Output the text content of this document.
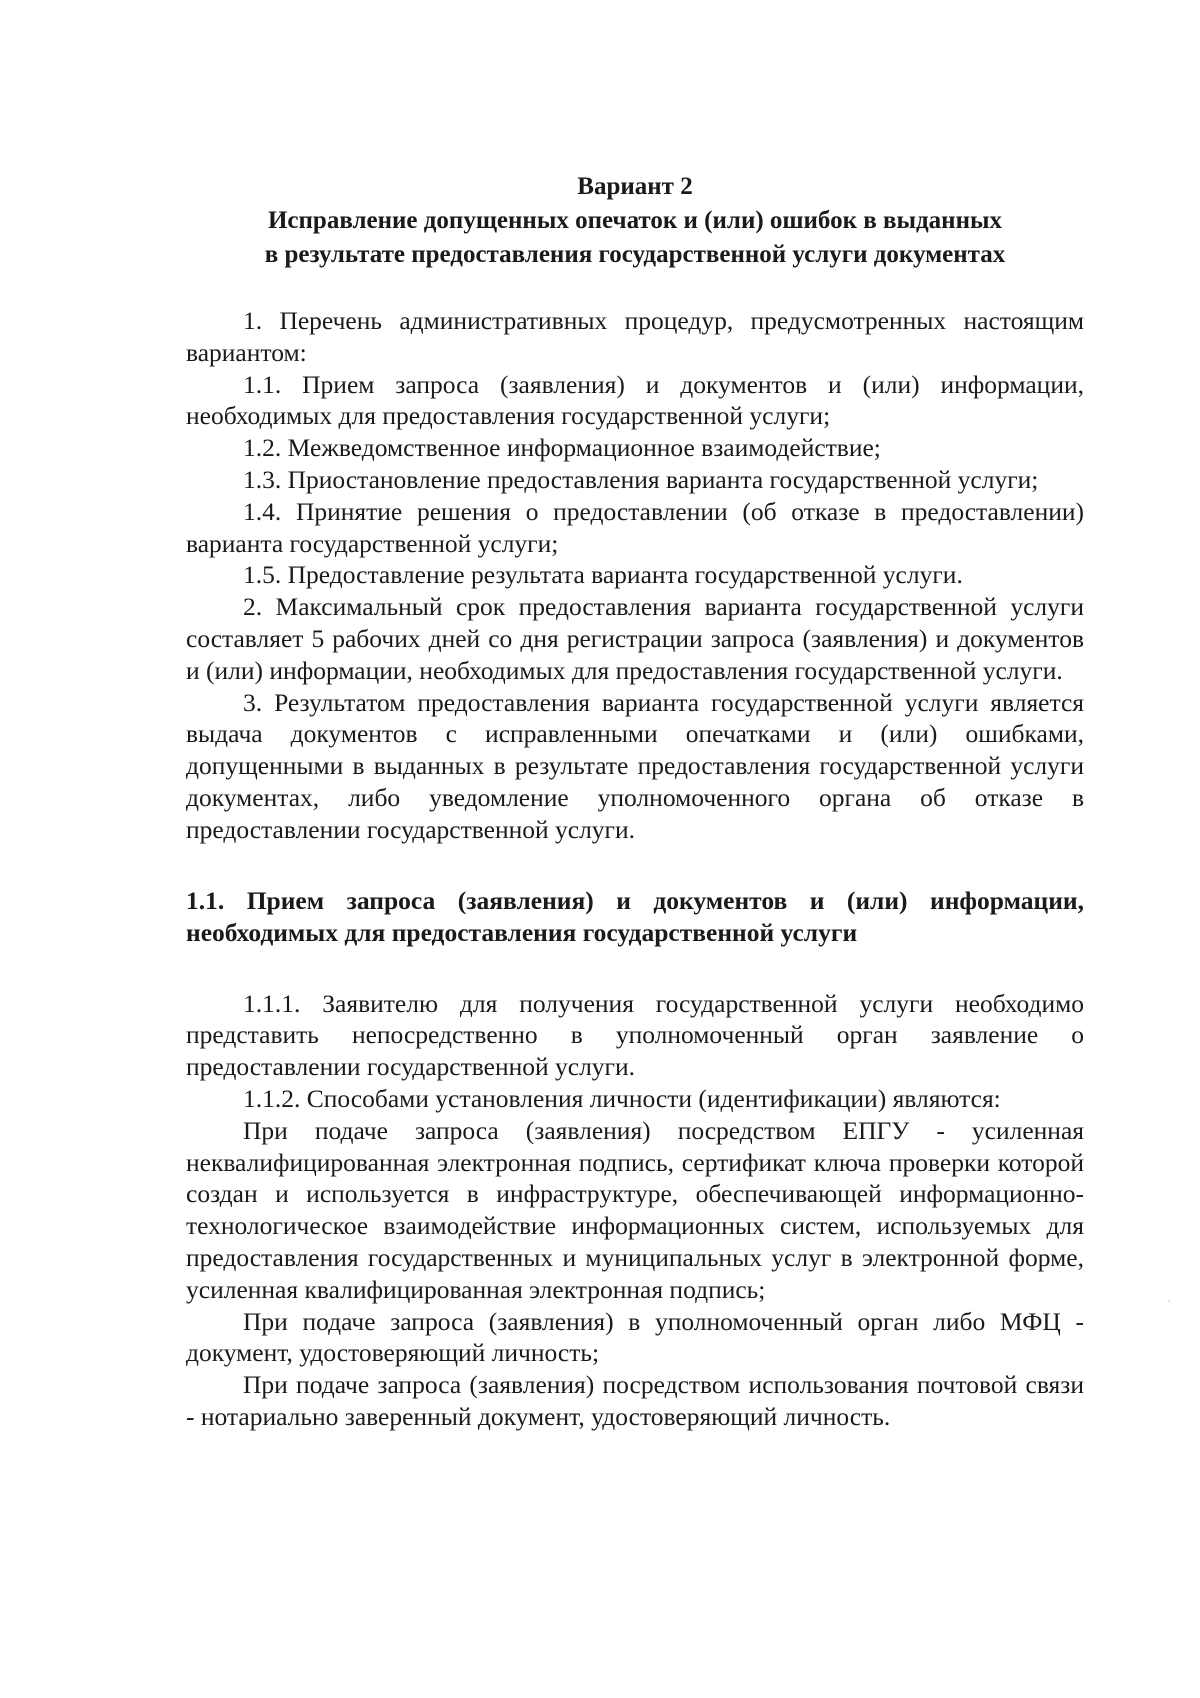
Вариант 2
Исправление допущенных опечаток и (или) ошибок в выданных
в результате предоставления государственной услуги документах

1. Перечень административных процедур, предусмотренных настоящим вариантом:

1.1. Прием запроса (заявления) и документов и (или) информации, необходимых для предоставления государственной услуги;

1.2. Межведомственное информационное взаимодействие;

1.3. Приостановление предоставления варианта государственной услуги;

1.4. Принятие решения о предоставлении (об отказе в предоставлении) варианта государственной услуги;

1.5. Предоставление результата варианта государственной услуги.

2. Максимальный срок предоставления варианта государственной услуги составляет 5 рабочих дней со дня регистрации запроса (заявления) и документов и (или) информации, необходимых для предоставления государственной услуги.

3. Результатом предоставления варианта государственной услуги является выдача документов с исправленными опечатками и (или) ошибками, допущенными в выданных в результате предоставления государственной услуги документах, либо уведомление уполномоченного органа об отказе в предоставлении государственной услуги.

1.1. Прием запроса (заявления) и документов и (или) информации, необходимых для предоставления государственной услуги

1.1.1. Заявителю для получения государственной услуги необходимо представить непосредственно в уполномоченный орган заявление о предоставлении государственной услуги.

1.1.2. Способами установления личности (идентификации) являются:

При подаче запроса (заявления) посредством ЕПГУ - усиленная неквалифицированная электронная подпись, сертификат ключа проверки которой создан и используется в инфраструктуре, обеспечивающей информационно-технологическое взаимодействие информационных систем, используемых для предоставления государственных и муниципальных услуг в электронной форме, усиленная квалифицированная электронная подпись;

При подаче запроса (заявления) в уполномоченный орган либо МФЦ - документ, удостоверяющий личность;

При подаче запроса (заявления) посредством использования почтовой связи - нотариально заверенный документ, удостоверяющий личность.
